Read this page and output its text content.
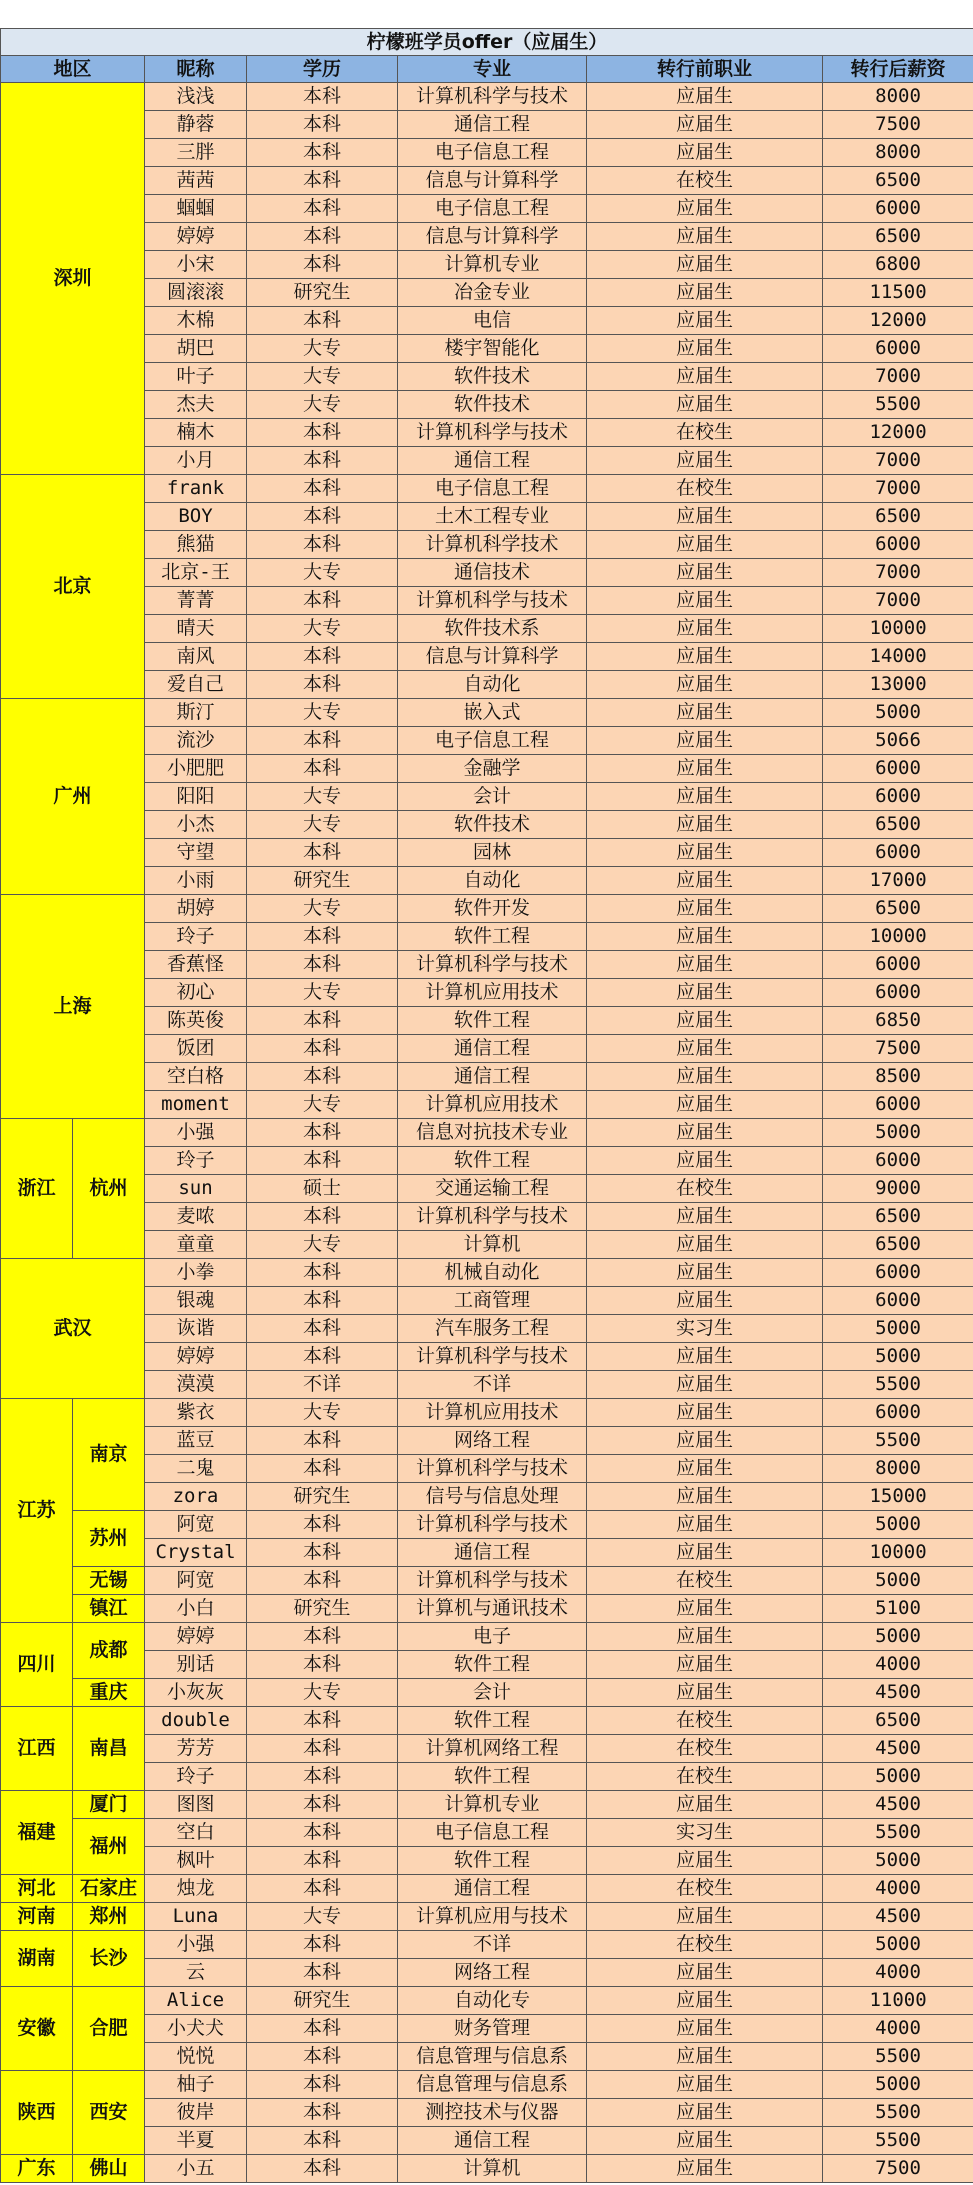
柠檬班学员offer（应届生）						
地区		昵称	学历	专业	转行前职业	转行后薪资
深圳		浅浅	本科	计算机科学与技术	应届生	8000
		静蓉	本科	通信工程	应届生	7500
		三胖	本科	电子信息工程	应届生	8000
		茜茜	本科	信息与计算科学	在校生	6500
		蝈蝈	本科	电子信息工程	应届生	6000
		婷婷	本科	信息与计算科学	应届生	6500
		小宋	本科	计算机专业	应届生	6800
		圆滚滚	研究生	冶金专业	应届生	11500
		木棉	本科	电信	应届生	12000
		胡巴	大专	楼宇智能化	应届生	6000
		叶子	大专	软件技术	应届生	7000
		杰夫	大专	软件技术	应届生	5500
		楠木	本科	计算机科学与技术	在校生	12000
		小月	本科	通信工程	应届生	7000
北京		frank	本科	电子信息工程	在校生	7000
		BOY	本科	土木工程专业	应届生	6500
		熊猫	本科	计算机科学技术	应届生	6000
		北京-王	大专	通信技术	应届生	7000
		菁菁	本科	计算机科学与技术	应届生	7000
		晴天	大专	软件技术系	应届生	10000
		南风	本科	信息与计算科学	应届生	14000
		爱自己	本科	自动化	应届生	13000
广州		斯汀	大专	嵌入式	应届生	5000
		流沙	本科	电子信息工程	应届生	5066
		小肥肥	本科	金融学	应届生	6000
		阳阳	大专	会计	应届生	6000
		小杰	大专	软件技术	应届生	6500
		守望	本科	园林	应届生	6000
		小雨	研究生	自动化	应届生	17000
上海		胡婷	大专	软件开发	应届生	6500
		玲子	本科	软件工程	应届生	10000
		香蕉怪	本科	计算机科学与技术	应届生	6000
		初心	大专	计算机应用技术	应届生	6000
		陈英俊	本科	软件工程	应届生	6850
		饭团	本科	通信工程	应届生	7500
		空白格	本科	通信工程	应届生	8500
		moment	大专	计算机应用技术	应届生	6000
浙江	杭州	小强	本科	信息对抗技术专业	应届生	5000
		玲子	本科	软件工程	应届生	6000
		sun	硕士	交通运输工程	在校生	9000
		麦哝	本科	计算机科学与技术	应届生	6500
		童童	大专	计算机	应届生	6500
武汉		小拳	本科	机械自动化	应届生	6000
		银魂	本科	工商管理	应届生	6000
		诙谐	本科	汽车服务工程	实习生	5000
		婷婷	本科	计算机科学与技术	应届生	5000
		漠漠	不详	不详	应届生	5500
江苏	南京	紫衣	大专	计算机应用技术	应届生	6000
		蓝豆	本科	网络工程	应届生	5500
		二鬼	本科	计算机科学与技术	应届生	8000
		zora	研究生	信号与信息处理	应届生	15000
	苏州	阿宽	本科	计算机科学与技术	应届生	5000
		Crystal	本科	通信工程	应届生	10000
	无锡	阿宽	本科	计算机科学与技术	在校生	5000
	镇江	小白	研究生	计算机与通讯技术	应届生	5100
四川	成都	婷婷	本科	电子	应届生	5000
		别话	本科	软件工程	应届生	4000
	重庆	小灰灰	大专	会计	应届生	4500
江西	南昌	double	本科	软件工程	在校生	6500
		芳芳	本科	计算机网络工程	在校生	4500
		玲子	本科	软件工程	在校生	5000
福建	厦门	图图	本科	计算机专业	应届生	4500
	福州	空白	本科	电子信息工程	实习生	5500
		枫叶	本科	软件工程	应届生	5000
河北	石家庄	烛龙	本科	通信工程	在校生	4000
河南	郑州	Luna	大专	计算机应用与技术	应届生	4500
湖南	长沙	小强	本科	不详	在校生	5000
		云	本科	网络工程	应届生	4000
安徽	合肥	Alice	研究生	自动化专	应届生	11000
		小犬犬	本科	财务管理	应届生	4000
		悦悦	本科	信息管理与信息系	应届生	5500
陕西	西安	柚子	本科	信息管理与信息系	应届生	5000
		彼岸	本科	测控技术与仪器	应届生	5500
		半夏	本科	通信工程	应届生	5500
广东	佛山	小五	本科	计算机	应届生	7500
